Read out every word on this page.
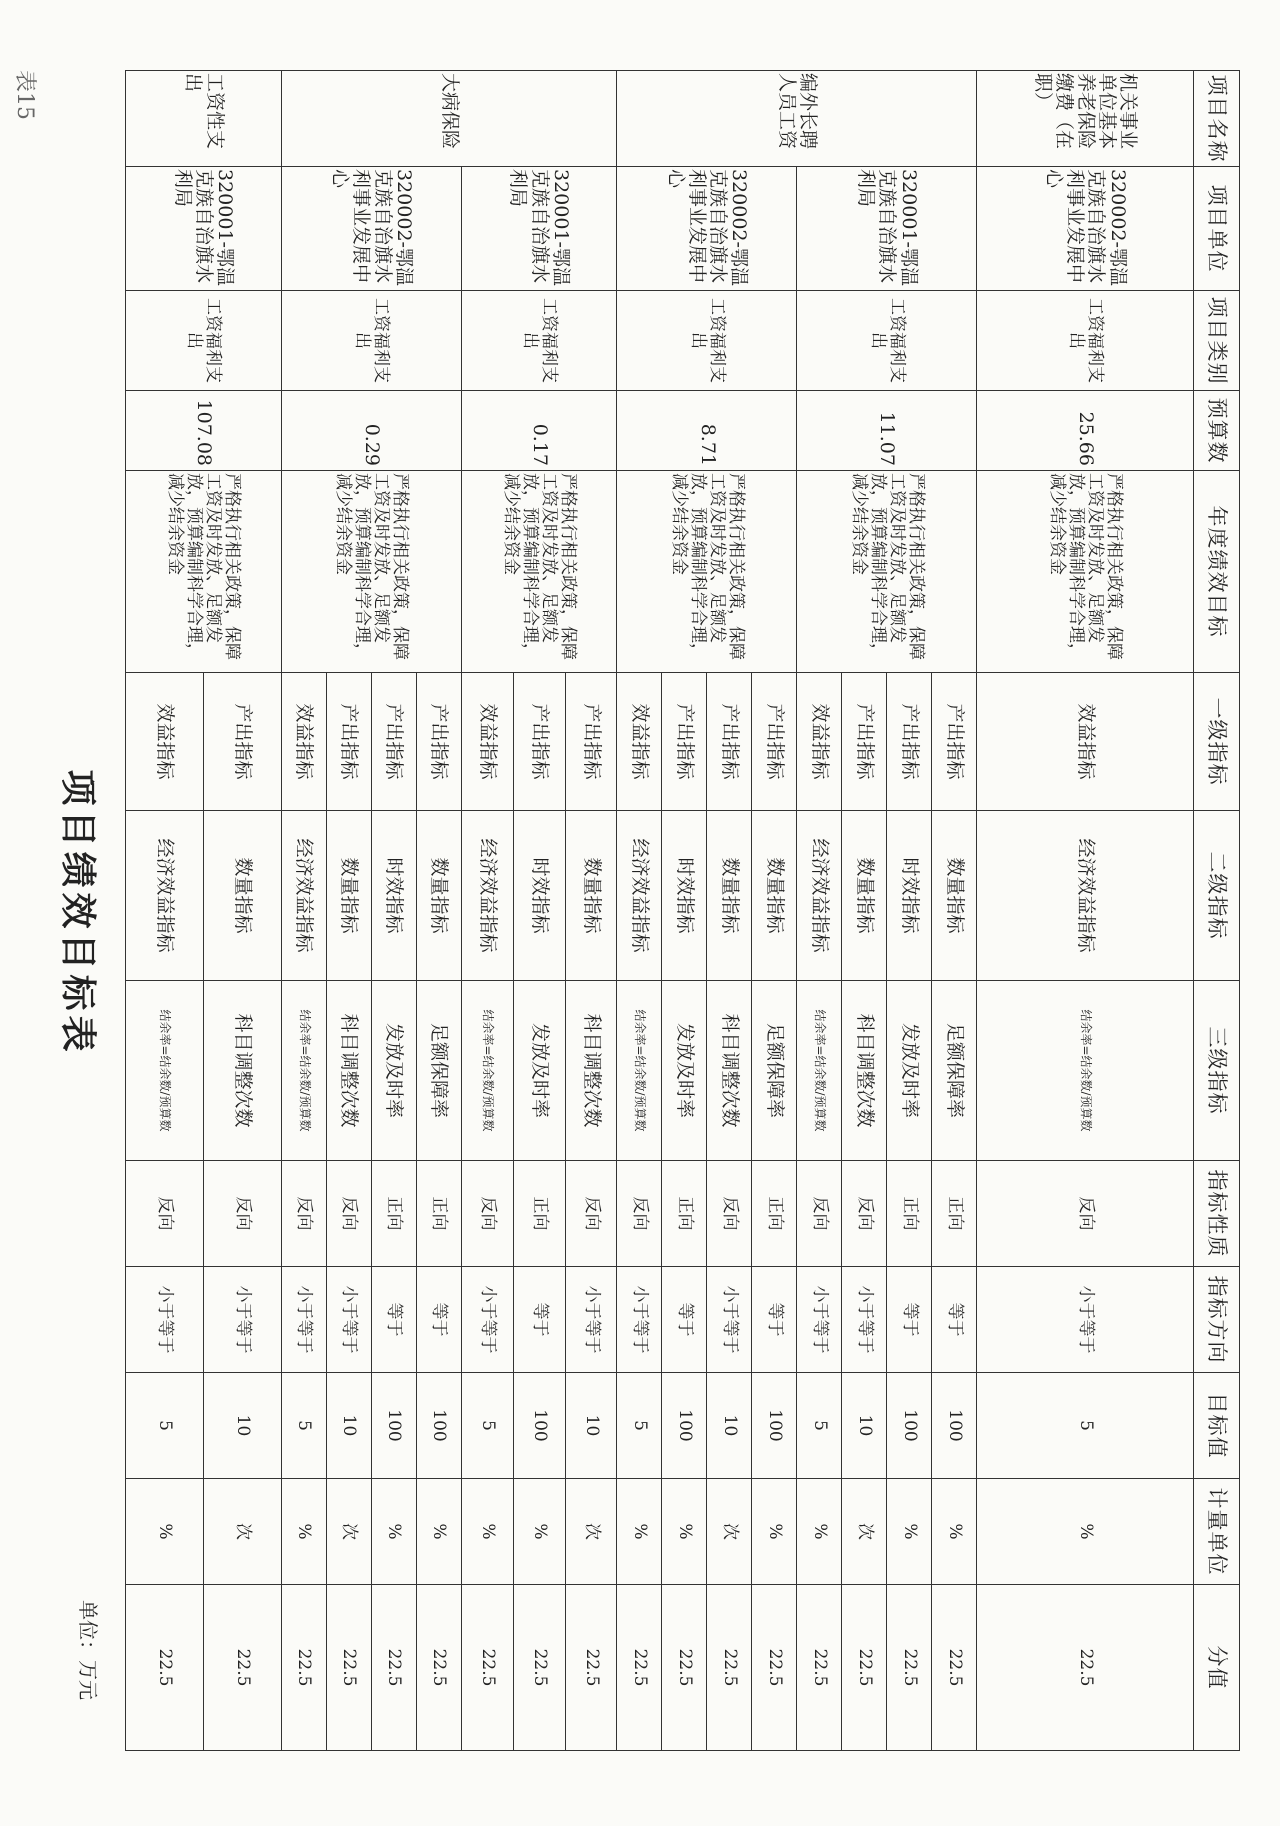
表15
项目绩效目标表
单位：万元
项目名称	项目单位	项目类别	预算数	年度绩效目标	一级指标	二级指标	三级指标	指标性质	指标方向	目标值	计量单位	分值
机关事业单位基本养老保险缴费（在职）	320002-鄂温克族自治旗水利事业发展中心	工资福利支出	25.66	严格执行相关政策，保障工资及时发放、足额发放，预算编制科学合理，减少结余资金	效益指标	经济效益指标	结余率=结余数/预算数	反向	小于等于	5	%	22.5
编外长聘人员工资	320001-鄂温克族自治旗水利局	工资福利支出	11.07	严格执行相关政策，保障工资及时发放、足额发放，预算编制科学合理，减少结余资金	产出指标	数量指标	足额保障率	正向	等于	100	%	22.5
					产出指标	时效指标	发放及时率	正向	等于	100	%	22.5
					产出指标	数量指标	科目调整次数	反向	小于等于	10	次	22.5
					效益指标	经济效益指标	结余率=结余数/预算数	反向	小于等于	5	%	22.5
	320002-鄂温克族自治旗水利事业发展中心	工资福利支出	8.71	严格执行相关政策，保障工资及时发放、足额发放，预算编制科学合理，减少结余资金	产出指标	数量指标	足额保障率	正向	等于	100	%	22.5
					产出指标	数量指标	科目调整次数	反向	小于等于	10	次	22.5
					产出指标	时效指标	发放及时率	正向	等于	100	%	22.5
					效益指标	经济效益指标	结余率=结余数/预算数	反向	小于等于	5	%	22.5
大病保险	320001-鄂温克族自治旗水利局	工资福利支出	0.17	严格执行相关政策，保障工资及时发放、足额发放，预算编制科学合理，减少结余资金	产出指标	数量指标	科目调整次数	反向	小于等于	10	次	22.5
					产出指标	时效指标	发放及时率	正向	等于	100	%	22.5
					效益指标	经济效益指标	结余率=结余数/预算数	反向	小于等于	5	%	22.5
	320002-鄂温克族自治旗水利事业发展中心	工资福利支出	0.29	严格执行相关政策，保障工资及时发放、足额发放，预算编制科学合理，减少结余资金	产出指标	数量指标	足额保障率	正向	等于	100	%	22.5
					产出指标	时效指标	发放及时率	正向	等于	100	%	22.5
					产出指标	数量指标	科目调整次数	反向	小于等于	10	次	22.5
					效益指标	经济效益指标	结余率=结余数/预算数	反向	小于等于	5	%	22.5
工资性支出	320001-鄂温克族自治旗水利局	工资福利支出	107.08	严格执行相关政策，保障工资及时发放、足额发放，预算编制科学合理，减少结余资金	产出指标	数量指标	科目调整次数	反向	小于等于	10	次	22.5
					效益指标	经济效益指标	结余率=结余数/预算数	反向	小于等于	5	%	22.5
